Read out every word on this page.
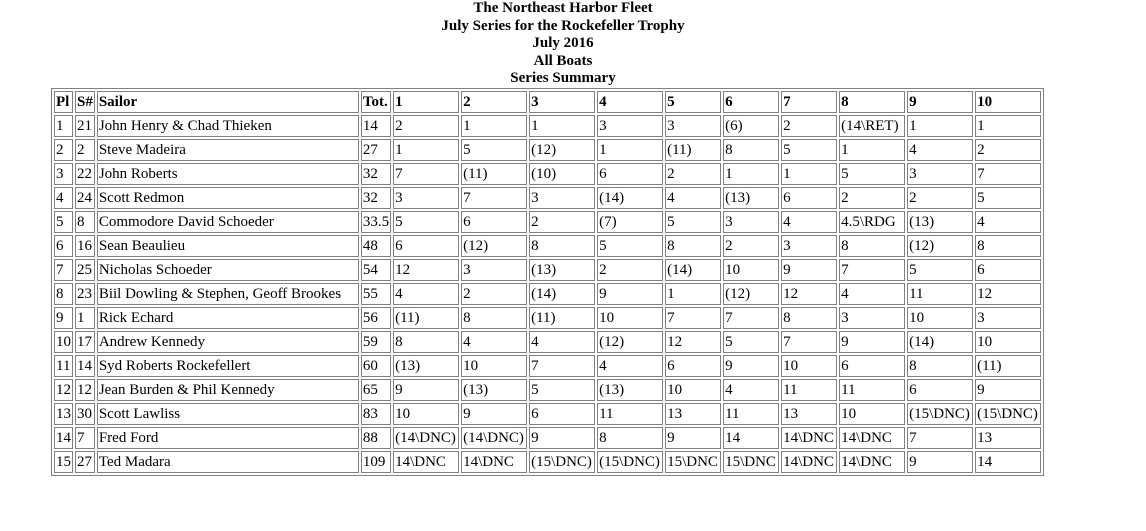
The Northeast Harbor Fleet
July Series for the Rockefeller Trophy
July 2016
All Boats
Series Summary
Pl	S#	Sailor	Tot.	1	2	3	4	5	6	7	8	9	10
1	21	John Henry & Chad Thieken	14	2	1	1	3	3	(6)	2	(14\RET)	1	1
2	2	Steve Madeira	27	1	5	(12)	1	(11)	8	5	1	4	2
3	22	John Roberts	32	7	(11)	(10)	6	2	1	1	5	3	7
4	24	Scott Redmon	32	3	7	3	(14)	4	(13)	6	2	2	5
5	8	Commodore David Schoeder	33.5	5	6	2	(7)	5	3	4	4.5\RDG	(13)	4
6	16	Sean Beaulieu	48	6	(12)	8	5	8	2	3	8	(12)	8
7	25	Nicholas Schoeder	54	12	3	(13)	2	(14)	10	9	7	5	6
8	23	Biil Dowling & Stephen, Geoff Brookes	55	4	2	(14)	9	1	(12)	12	4	11	12
9	1	Rick Echard	56	(11)	8	(11)	10	7	7	8	3	10	3
10	17	Andrew Kennedy	59	8	4	4	(12)	12	5	7	9	(14)	10
11	14	Syd Roberts Rockefellert	60	(13)	10	7	4	6	9	10	6	8	(11)
12	12	Jean Burden & Phil Kennedy	65	9	(13)	5	(13)	10	4	11	11	6	9
13	30	Scott Lawliss	83	10	9	6	11	13	11	13	10	(15\DNC)	(15\DNC)
14	7	Fred Ford	88	(14\DNC)	(14\DNC)	9	8	9	14	14\DNC	14\DNC	7	13
15	27	Ted Madara	109	14\DNC	14\DNC	(15\DNC)	(15\DNC)	15\DNC	15\DNC	14\DNC	14\DNC	9	14
